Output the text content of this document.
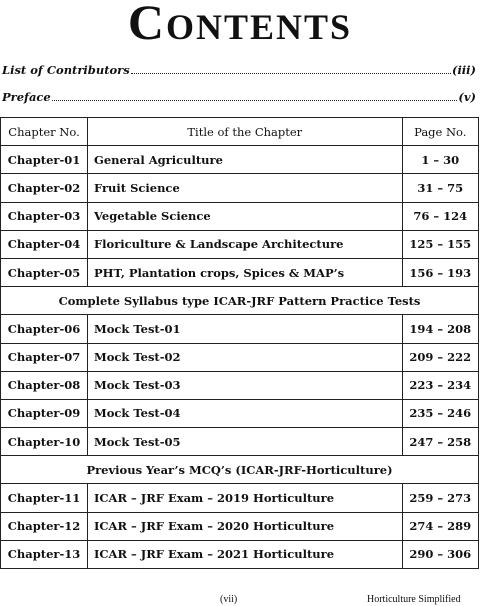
CONTENTS
List of Contributors	(iii)
Preface	(v)
Chapter No.	Title of the Chapter	Page No.
Chapter-01	General Agriculture	1 – 30
Chapter-02	Fruit Science	31 – 75
Chapter-03	Vegetable Science	76 – 124
Chapter-04	Floriculture & Landscape Architecture	125 – 155
Chapter-05	PHT, Plantation crops, Spices & MAP’s	156 – 193
Complete Syllabus type ICAR-JRF Pattern Practice Tests		
Chapter-06	Mock Test-01	194 – 208
Chapter-07	Mock Test-02	209 – 222
Chapter-08	Mock Test-03	223 – 234
Chapter-09	Mock Test-04	235 – 246
Chapter-10	Mock Test-05	247 – 258
Previous Year’s MCQ’s (ICAR-JRF-Horticulture)		
Chapter-11	ICAR – JRF Exam – 2019 Horticulture	259 – 273
Chapter-12	ICAR – JRF Exam – 2020 Horticulture	274 – 289
Chapter-13	ICAR – JRF Exam – 2021 Horticulture	290 – 306
(vii)	Horticulture Simplified
